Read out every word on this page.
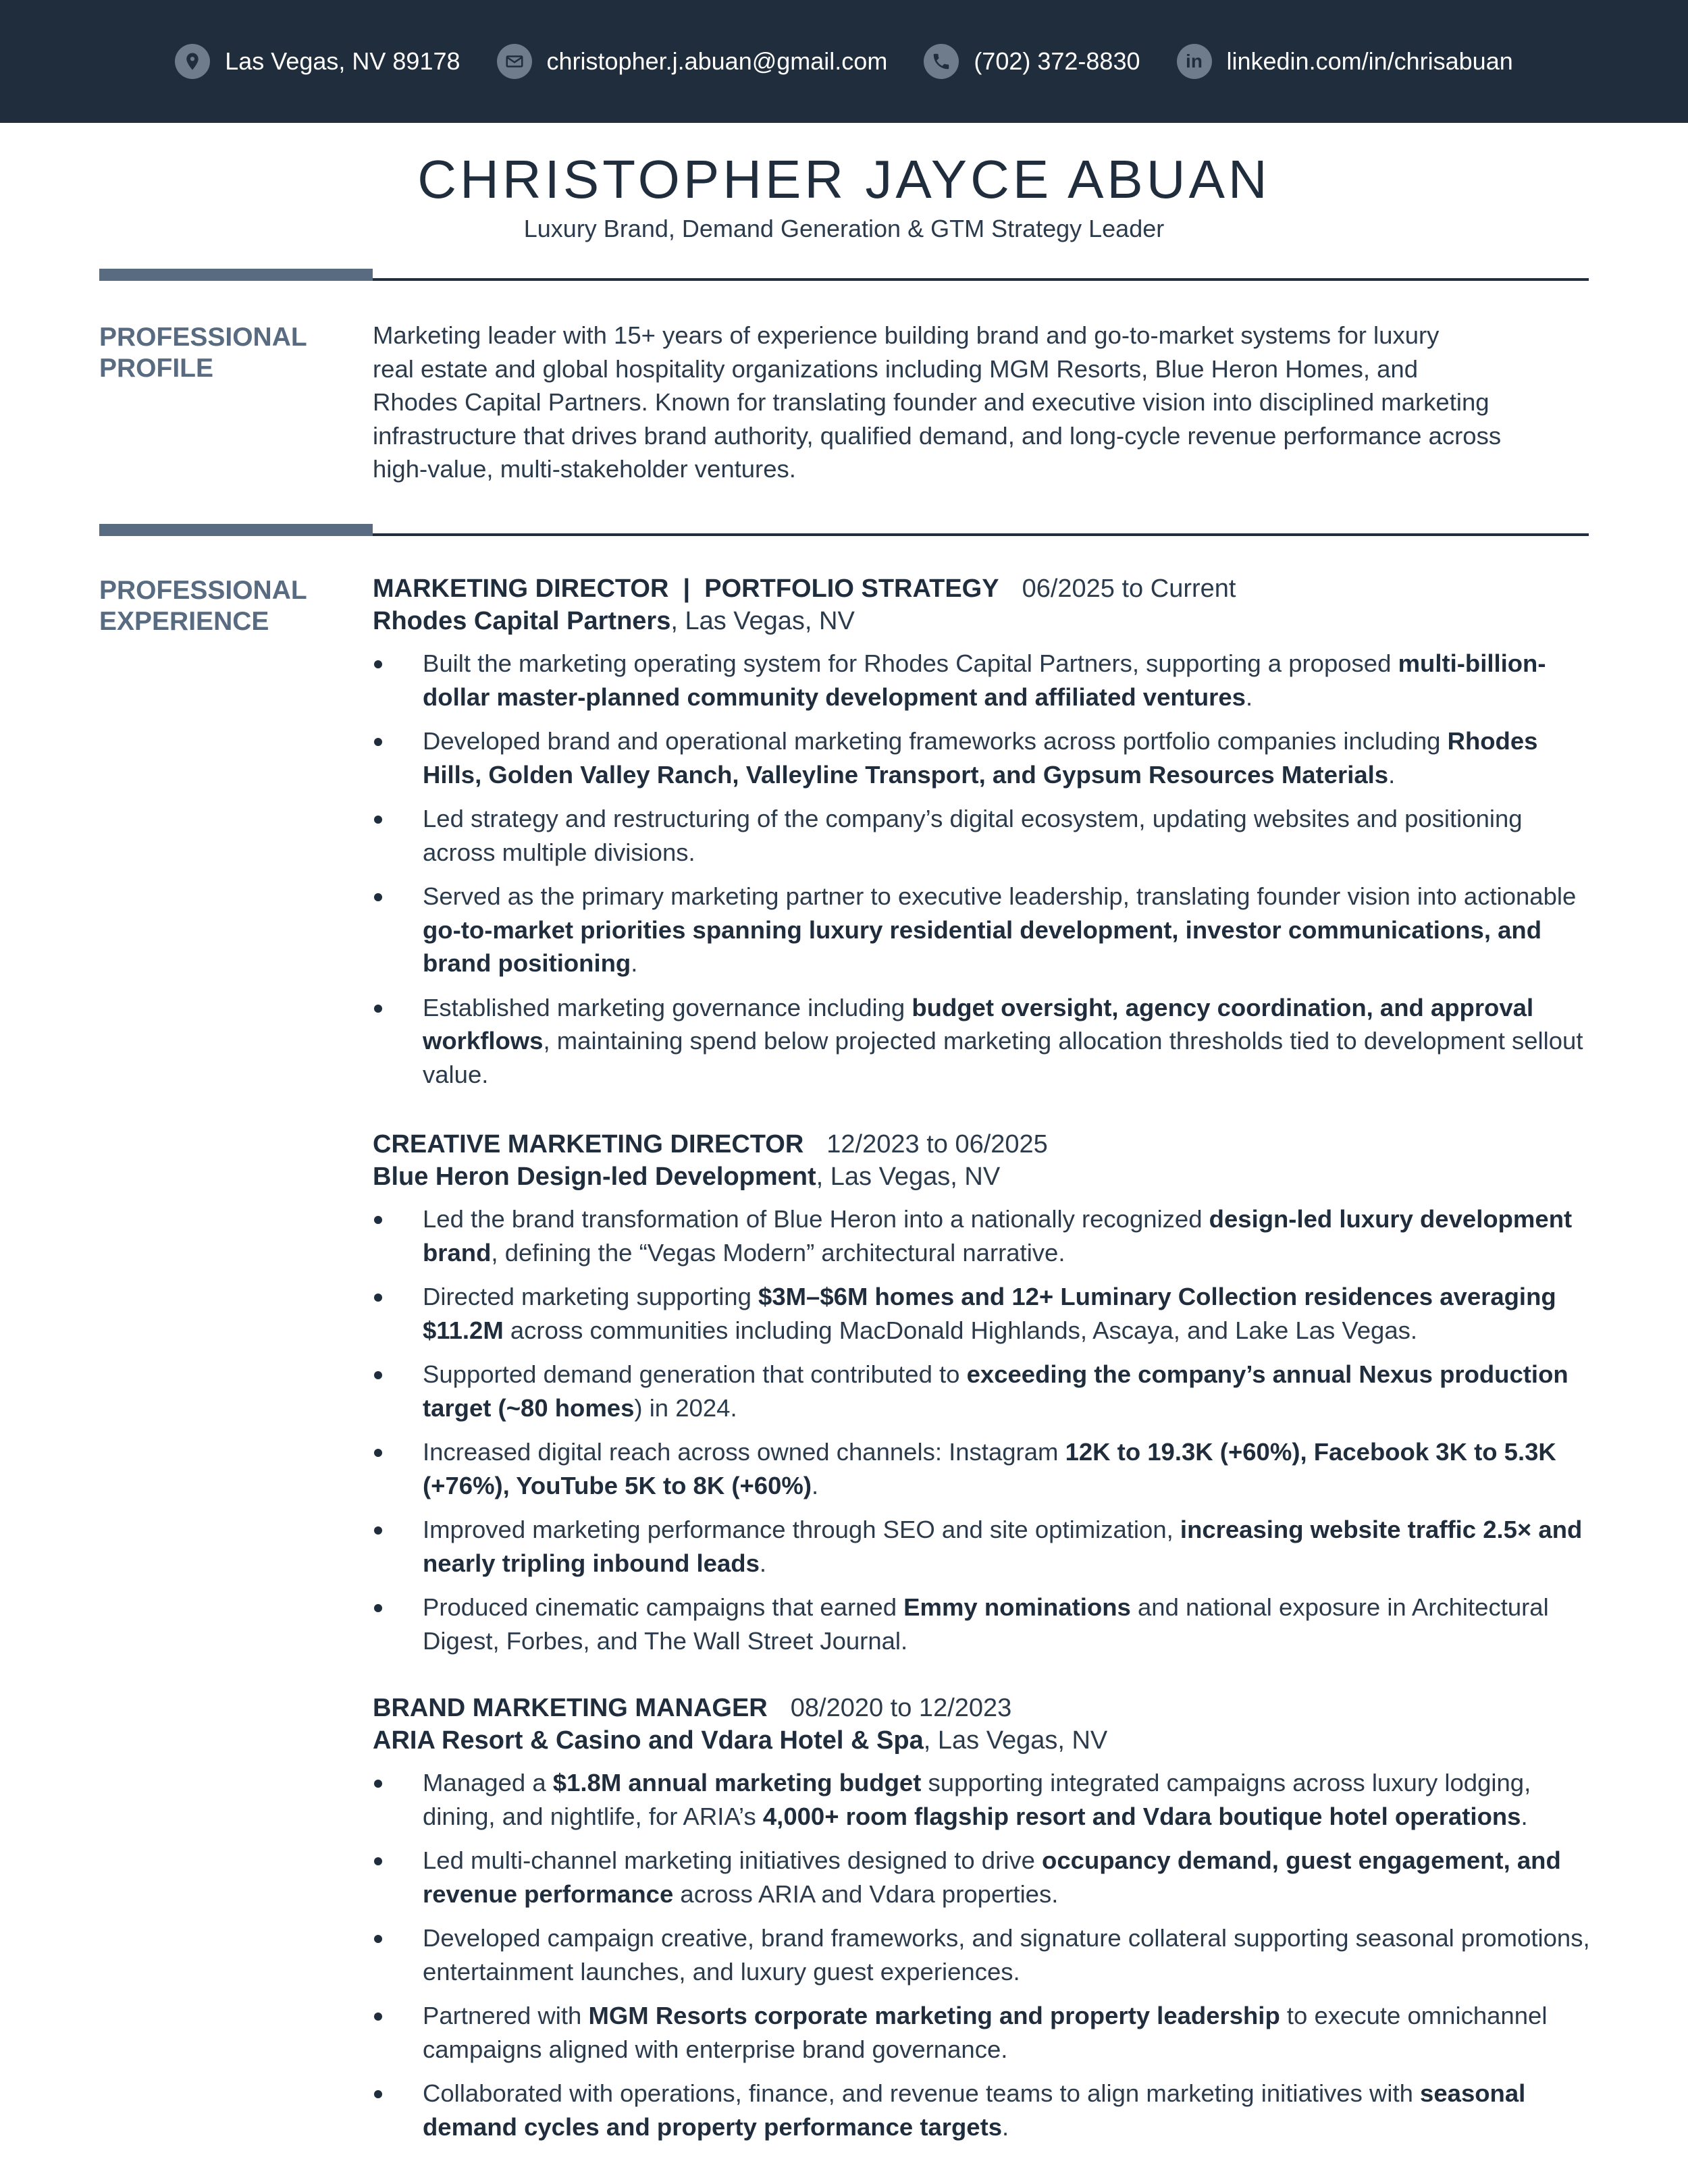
Las Vegas, NV 89178	christopher.j.abuan@gmail.com	(702) 372-8830 in linkedin.com/in/chrisabuan
CHRISTOPHER JAYCE ABUAN
Luxury Brand, Demand Generation & GTM Strategy Leader
PROFESSIONAL
PROFILE
Marketing leader with 15+ years of experience building brand and go-to-market systems for luxury
real estate and global hospitality organizations including MGM Resorts, Blue Heron Homes, and
Rhodes Capital Partners. Known for translating founder and executive vision into disciplined marketing
infrastructure that drives brand authority, qualified demand, and long-cycle revenue performance across
high-value, multi-stakeholder ventures.
PROFESSIONAL
EXPERIENCE
MARKETING DIRECTOR  |  PORTFOLIO STRATEGY 06/2025 to Current
Rhodes Capital Partners, Las Vegas, NV
Built the marketing operating system for Rhodes Capital Partners, supporting a proposed multi-billion-dollar master-planned community development and affiliated ventures.
Developed brand and operational marketing frameworks across portfolio companies including Rhodes Hills, Golden Valley Ranch, Valleyline Transport, and Gypsum Resources Materials.
Led strategy and restructuring of the company’s digital ecosystem, updating websites and positioning across multiple divisions.
Served as the primary marketing partner to executive leadership, translating founder vision into actionable go-to-market priorities spanning luxury residential development, investor communications, and brand positioning.
Established marketing governance including budget oversight, agency coordination, and approval workflows, maintaining spend below projected marketing allocation thresholds tied to development sellout value.
CREATIVE MARKETING DIRECTOR 12/2023 to 06/2025
Blue Heron Design-led Development, Las Vegas, NV
Led the brand transformation of Blue Heron into a nationally recognized design-led luxury development brand, defining the “Vegas Modern” architectural narrative.
Directed marketing supporting $3M–$6M homes and 12+ Luminary Collection residences averaging $11.2M across communities including MacDonald Highlands, Ascaya, and Lake Las Vegas.
Supported demand generation that contributed to exceeding the company’s annual Nexus production target (~80 homes) in 2024.
Increased digital reach across owned channels: Instagram 12K to 19.3K (+60%), Facebook 3K to 5.3K (+76%), YouTube 5K to 8K (+60%).
Improved marketing performance through SEO and site optimization, increasing website traffic 2.5× and nearly tripling inbound leads.
Produced cinematic campaigns that earned Emmy nominations and national exposure in Architectural Digest, Forbes, and The Wall Street Journal.
BRAND MARKETING MANAGER 08/2020 to 12/2023
ARIA Resort & Casino and Vdara Hotel & Spa, Las Vegas, NV
Managed a $1.8M annual marketing budget supporting integrated campaigns across luxury lodging, dining, and nightlife, for ARIA’s 4,000+ room flagship resort and Vdara boutique hotel operations.
Led multi-channel marketing initiatives designed to drive occupancy demand, guest engagement, and revenue performance across ARIA and Vdara properties.
Developed campaign creative, brand frameworks, and signature collateral supporting seasonal promotions, entertainment launches, and luxury guest experiences.
Partnered with MGM Resorts corporate marketing and property leadership to execute omnichannel campaigns aligned with enterprise brand governance.
Collaborated with operations, finance, and revenue teams to align marketing initiatives with seasonal demand cycles and property performance targets.
